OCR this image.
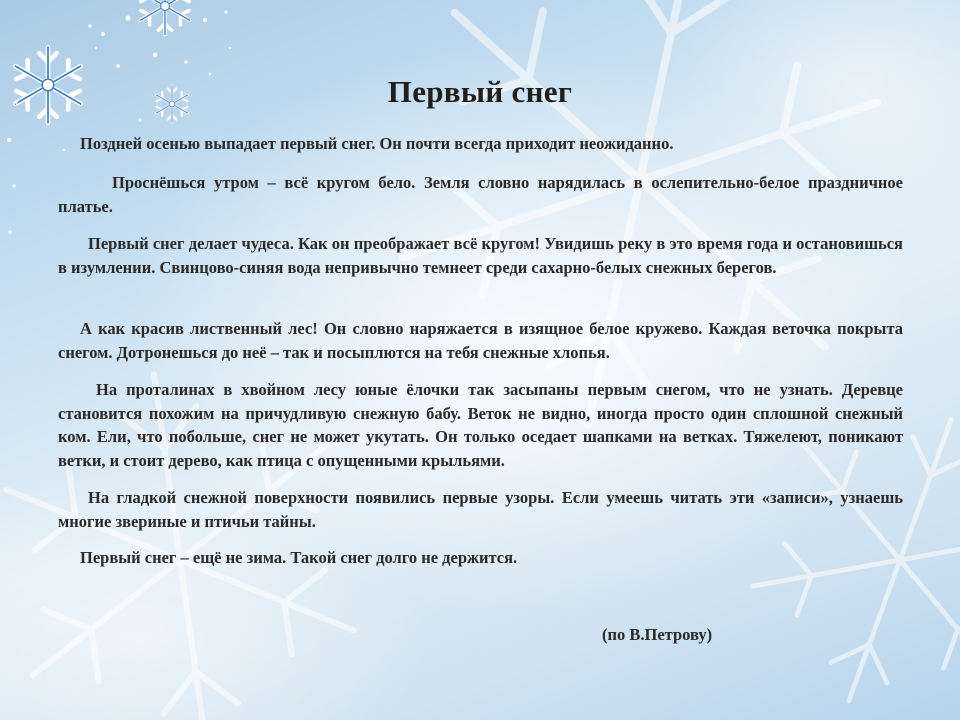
Первый снег

Поздней осенью выпадает первый снег. Он почти всегда приходит неожиданно.

Проснёшься утром – всё кругом бело. Земля словно нарядилась в ослепительно-белое праздничное платье.

Первый снег делает чудеса. Как он преображает всё кругом! Увидишь реку в это время года и остановишься в изумлении. Свинцово-синяя вода непривычно темнеет среди сахарно-белых снежных берегов.

А как красив лиственный лес! Он словно наряжается в изящное белое кружево. Каждая веточка покрыта снегом. Дотронешься до неё – так и посыплются на тебя снежные хлопья.

На проталинах в хвойном лесу юные ёлочки так засыпаны первым снегом, что не узнать. Деревце становится похожим на причудливую снежную бабу. Веток не видно, иногда просто один сплошной снежный ком. Ели, что побольше, снег не может укутать. Он только оседает шапками на ветках. Тяжелеют, поникают ветки, и стоит дерево, как птица с опущенными крыльями.

На гладкой снежной поверхности появились первые узоры. Если умеешь читать эти «записи», узнаешь многие звериные и птичьи тайны.

Первый снег – ещё не зима. Такой снег долго не держится.

(по В.Петрову)
